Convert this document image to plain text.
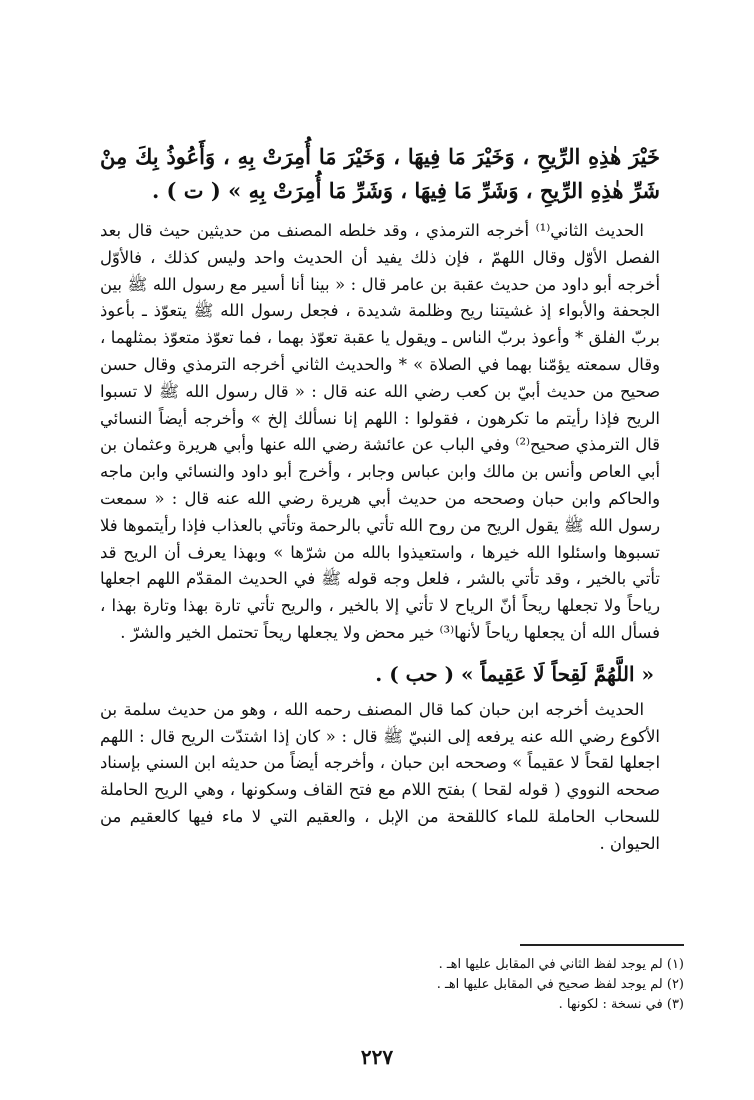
خَيْرَ هٰذِهِ الرِّيحِ ، وَخَيْرَ مَا فِيهَا ، وَخَيْرَ مَا أُمِرَتْ بِهِ ، وَأَعُوذُ بِكَ مِنْ شَرِّ هٰذِهِ الرِّيحِ ، وَشَرِّ مَا فِيهَا ، وَشَرِّ مَا أُمِرَتْ بِهِ » ( ت ) .

الحديث الثاني⁽¹⁾ أخرجه الترمذي ، وقد خلطه المصنف من حديثين حيث قال بعد الفصل الأوّل وقال اللهمّ ، فإن ذلك يفيد أن الحديث واحد وليس كذلك ، فالأوّل أخرجه أبو داود من حديث عقبة بن عامر قال : « بينا أنا أسير مع رسول الله ﷺ بين الجحفة والأبواء إذ غشيتنا ريح وظلمة شديدة ، فجعل رسول الله ﷺ يتعوّذ ـ بأعوذ بربّ الفلق * وأعوذ بربّ الناس ـ ويقول يا عقبة تعوّذ بهما ، فما تعوّذ متعوّذ بمثلهما ، وقال سمعته يؤمّنا بهما في الصلاة » * والحديث الثاني أخرجه الترمذي وقال حسن صحيح من حديث أبيّ بن كعب رضي الله عنه قال : « قال رسول الله ﷺ لا تسبوا الريح فإذا رأيتم ما تكرهون ، فقولوا : اللهم إنا نسألك إلخ » وأخرجه أيضاً النسائي قال الترمذي صحيح⁽²⁾ وفي الباب عن عائشة رضي الله عنها وأبي هريرة وعثمان بن أبي العاص وأنس بن مالك وابن عباس وجابر ، وأخرج أبو داود والنسائي وابن ماجه والحاكم وابن حبان وصححه من حديث أبي هريرة رضي الله عنه قال : « سمعت رسول الله ﷺ يقول الريح من روح الله تأتي بالرحمة وتأتي بالعذاب فإذا رأيتموها فلا تسبوها واسئلوا الله خيرها ، واستعيذوا بالله من شرّها » وبهذا يعرف أن الريح قد تأتي بالخير ، وقد تأتي بالشر ، فلعل وجه قوله ﷺ في الحديث المقدّم اللهم اجعلها رياحاً ولا تجعلها ريحاً أنّ الرياح لا تأتي إلا بالخير ، والريح تأتي تارة بهذا وتارة بهذا ، فسأل الله أن يجعلها رياحاً لأنها⁽³⁾ خير محض ولا يجعلها ريحاً تحتمل الخير والشرّ .

« اللَّهُمَّ لَقِحاً لَا عَقِيماً » ( حب ) .

الحديث أخرجه ابن حبان كما قال المصنف رحمه الله ، وهو من حديث سلمة بن الأكوع رضي الله عنه يرفعه إلى النبيّ ﷺ قال : « كان إذا اشتدّت الريح قال : اللهم اجعلها لقحاً لا عقيماً » وصححه ابن حبان ، وأخرجه أيضاً من حديثه ابن السني بإسناد صححه النووي ( قوله لقحا ) بفتح اللام مع فتح القاف وسكونها ، وهي الريح الحاملة للسحاب الحاملة للماء كاللقحة من الإبل ، والعقيم التي لا ماء فيها كالعقيم من الحيوان .

(١) لم يوجد لفظ الثاني في المقابل عليها اهـ .

(٢) لم يوجد لفظ صحيح في المقابل عليها اهـ .

(٣) في نسخة : لكونها .

٢٢٧
